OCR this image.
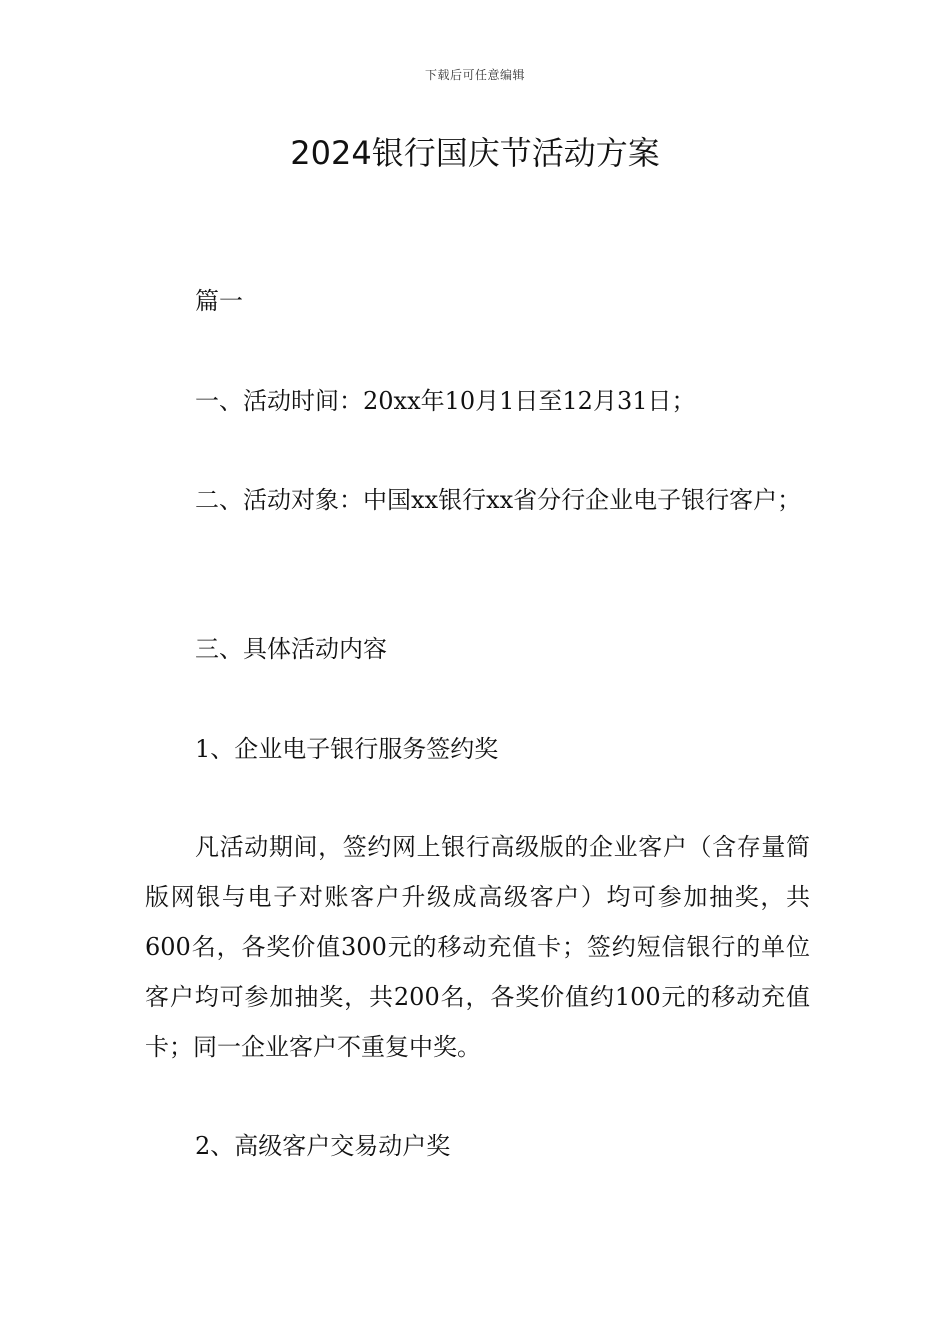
下载后可任意编辑
2024银行国庆节活动方案

篇一

一、活动时间：20xx年10月1日至12月31日；

二、活动对象：中国xx银行xx省分行企业电子银行客户；

三、具体活动内容

1、企业电子银行服务签约奖

凡活动期间，签约网上银行高级版的企业客户（含存量简版网银与电子对账客户升级成高级客户）均可参加抽奖，共600名，各奖价值300元的移动充值卡；签约短信银行的单位客户均可参加抽奖，共200名，各奖价值约100元的移动充值卡；同一企业客户不重复中奖。

2、高级客户交易动户奖
